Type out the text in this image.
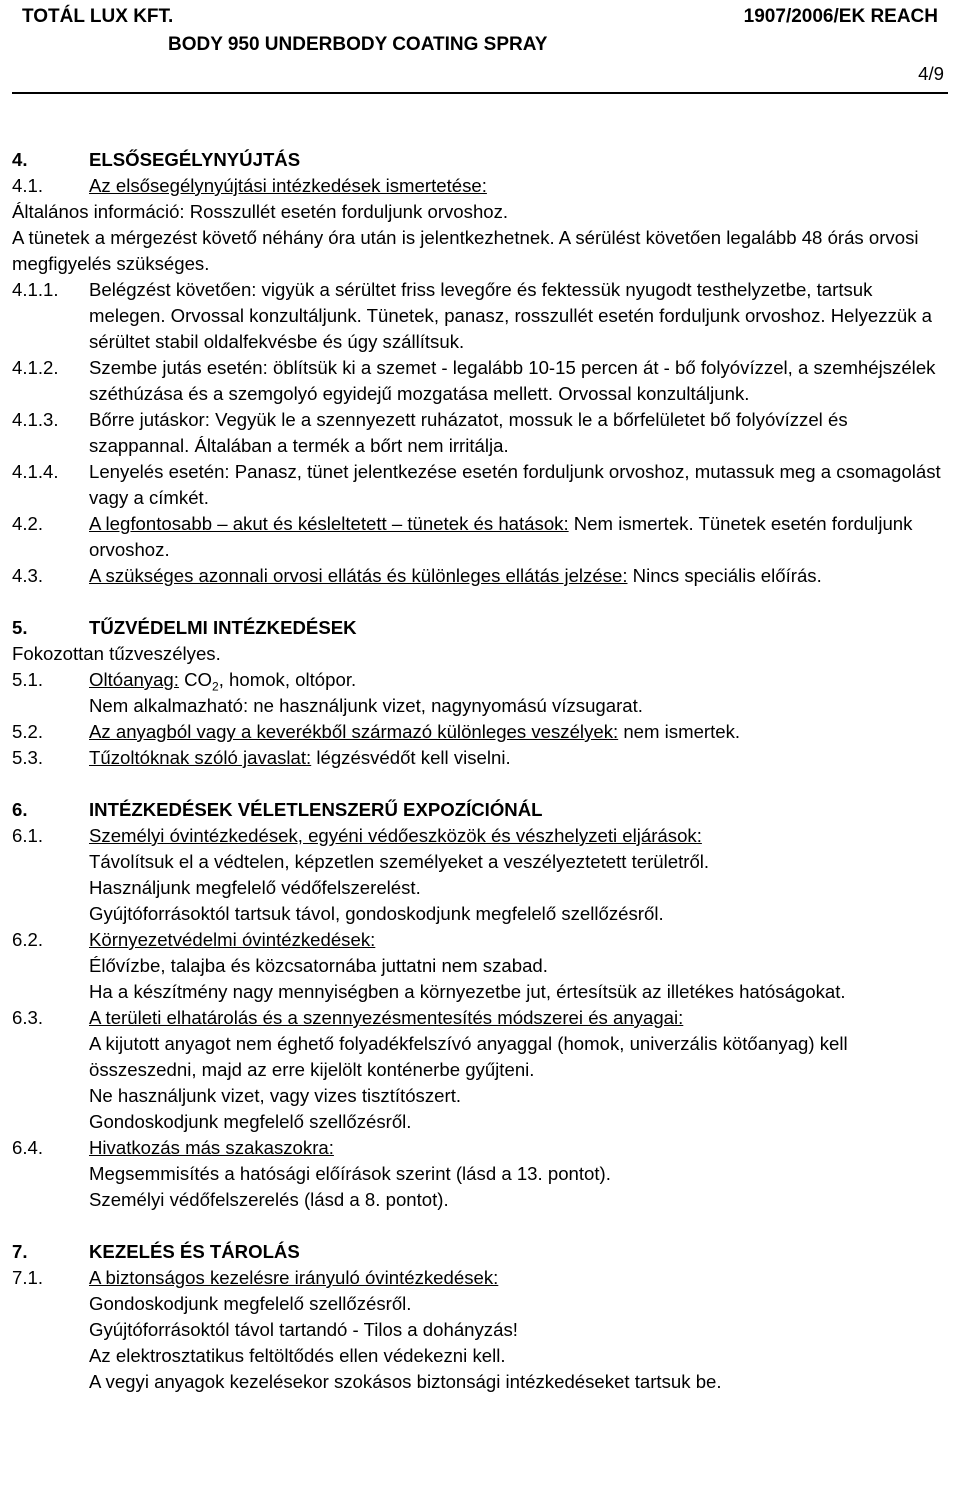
TOTÁL LUX KFT.	1907/2006/EK REACH
BODY 950 UNDERBODY COATING SPRAY
4/9
4.	ELSŐSEGÉLYNYÚJTÁS
4.1.	Az elsősegélynyújtási intézkedések ismertetése:
Általános információ: Rosszullét esetén forduljunk orvoshoz.
A tünetek a mérgezést követő néhány óra után is jelentkezhetnek. A sérülést követően legalább 48 órás orvosi megfigyelés szükséges.
4.1.1.	Belégzést követően: vigyük a sérültet friss levegőre és fektessük nyugodt testhelyzetbe, tartsuk melegen. Orvossal konzultáljunk. Tünetek, panasz, rosszullét esetén forduljunk orvoshoz. Helyezzük a sérültet stabil oldalfekvésbe és úgy szállítsuk.
4.1.2.	Szembe jutás esetén: öblítsük ki a szemet - legalább 10-15 percen át - bő folyóvízzel, a szemhéjszélek széthúzása és a szemgolyó egyidejű mozgatása mellett. Orvossal konzultáljunk.
4.1.3.	Bőrre jutáskor: Vegyük le a szennyezett ruházatot, mossuk le a bőrfelületet bő folyóvízzel és szappannal. Általában a termék a bőrt nem irritálja.
4.1.4.	Lenyelés esetén: Panasz, tünet jelentkezése esetén forduljunk orvoshoz, mutassuk meg a csomagolást vagy a címkét.
4.2.	A legfontosabb – akut és késleltetett – tünetek és hatások: Nem ismertek. Tünetek esetén forduljunk orvoshoz.
4.3.	A szükséges azonnali orvosi ellátás és különleges ellátás jelzése: Nincs speciális előírás.
5.	TŰZVÉDELMI INTÉZKEDÉSEK
Fokozottan tűzveszélyes.
5.1.	Oltóanyag: $CO_2$, homok, oltópor.
Nem alkalmazható: ne használjunk vizet, nagynyomású vízsugarat.
5.2.	Az anyagból vagy a keverékből származó különleges veszélyek: nem ismertek.
5.3.	Tűzoltóknak szóló javaslat: légzésvédőt kell viselni.
6.	INTÉZKEDÉSEK VÉLETLENSZERŰ EXPOZÍCIÓNÁL
6.1.	Személyi óvintézkedések, egyéni védőeszközök és vészhelyzeti eljárások:
Távolítsuk el a védtelen, képzetlen személyeket a veszélyeztetett területről.
Használjunk megfelelő védőfelszerelést.
Gyújtóforrásoktól tartsuk távol, gondoskodjunk megfelelő szellőzésről.
6.2.	Környezetvédelmi óvintézkedések:
Élővízbe, talajba és közcsatornába juttatni nem szabad.
Ha a készítmény nagy mennyiségben a környezetbe jut, értesítsük az illetékes hatóságokat.
6.3.	A területi elhatárolás és a szennyezésmentesítés módszerei és anyagai:
A kijutott anyagot nem éghető folyadékfelszívó anyaggal (homok, univerzális kötőanyag) kell összeszedni, majd az erre kijelölt konténerbe gyűjteni.
Ne használjunk vizet, vagy vizes tisztítószert.
Gondoskodjunk megfelelő szellőzésről.
6.4.	Hivatkozás más szakaszokra:
Megsemmisítés a hatósági előírások szerint (lásd a 13. pontot).
Személyi védőfelszerelés (lásd a 8. pontot).
7.	KEZELÉS ÉS TÁROLÁS
7.1.	A biztonságos kezelésre irányuló óvintézkedések:
Gondoskodjunk megfelelő szellőzésről.
Gyújtóforrásoktól távol tartandó - Tilos a dohányzás!
Az elektrosztatikus feltöltődés ellen védekezni kell.
A vegyi anyagok kezelésekor szokásos biztonsági intézkedéseket tartsuk be.
